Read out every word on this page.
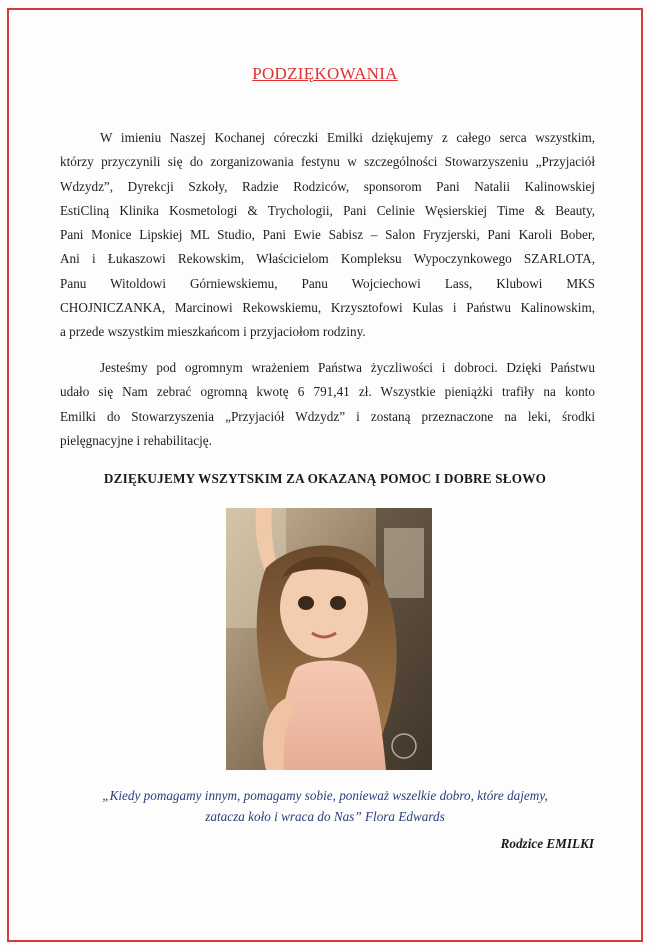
PODZIĘKOWANIA
W imieniu Naszej Kochanej córeczki Emilki dziękujemy z całego serca wszystkim,
którzy przyczynili się do zorganizowania festynu w szczególności Stowarzyszeniu „Przyjaciół
Wdzydz”, Dyrekcji Szkoły, Radzie Rodziców, sponsorom Pani Natalii Kalinowskiej
EstiCliną Klinika Kosmetologi & Trychologii, Pani Celinie Węsierskiej Time & Beauty,
Pani Monice Lipskiej ML Studio, Pani Ewie Sabisz – Salon Fryzjerski, Pani Karoli Bober,
Ani i Łukaszowi Rekowskim, Właścicielom Kompleksu Wypoczynkowego SZARLOTA,
Panu Witoldowi Górniewskiemu, Panu Wojciechowi Lass, Klubowi MKS
CHOJNICZANKA, Marcinowi Rekowskiemu, Krzysztofowi Kulas i Państwu Kalinowskim,
a przede wszystkim mieszkańcom i przyjaciołom rodziny.
Jesteśmy pod ogromnym wrażeniem Państwa życzliwości i dobroci. Dzięki Państwu
udało się Nam zebrać ogromną kwotę 6 791,41 zł. Wszystkie pieniążki trafiły na konto
Emilki do Stowarzyszenia „Przyjaciół Wdzydz” i zostaną przeznaczone na leki, środki
pielęgnacyjne i rehabilitację.
DZIĘKUJEMY WSZYTSKIM ZA OKAZANĄ POMOC I DOBRE SŁOWO
„Kiedy pomagamy innym, pomagamy sobie, ponieważ wszelkie dobro, które dajemy,
zatacza koło i wraca do Nas” Flora Edwards
Rodzice EMILKI
